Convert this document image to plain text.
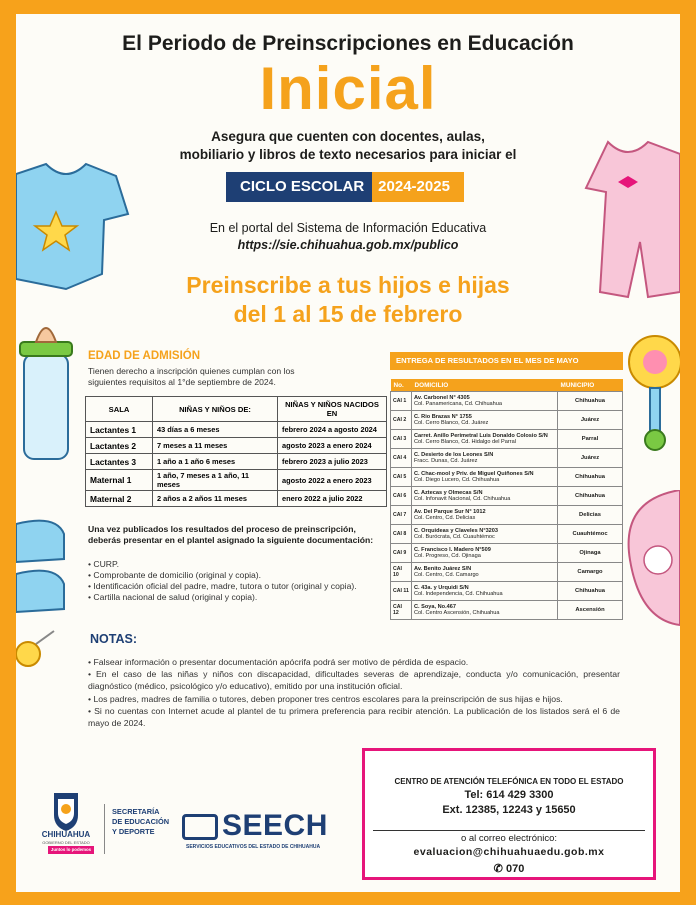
El Periodo de Preinscripciones en Educación
Inicial
Asegura que cuenten con docentes, aulas,
mobiliario y libros de texto necesarios para iniciar el
CICLO ESCOLAR 2024-2025
En el portal del Sistema de Información Educativa
https://sie.chihuahua.gob.mx/publico
Preinscribe a tus hijos e hijas
del 1 al 15 de febrero
EDAD DE ADMISIÓN
Tienen derecho a inscripción quienes cumplan con los siguientes requisitos al 1°de septiembre de 2024.
SALA	NIÑAS Y NIÑOS DE:	NIÑAS Y NIÑOS NACIDOS EN
Lactantes 1	43 días a 6 meses	febrero 2024 a agosto 2024
Lactantes 2	7 meses a 11 meses	agosto 2023 a enero 2024
Lactantes 3	1 año a 1 año 6 meses	febrero 2023 a julio 2023
Maternal 1	1 año, 7 meses a 1 año, 11 meses	agosto 2022 a enero 2023
Maternal 2	2 años a 2 años 11 meses	enero 2022 a julio 2022
Una vez publicados los resultados del proceso de preinscripción, deberás presentar en el plantel asignado la siguiente documentación:
• CURP.
• Comprobante de domicilio (original y copia).
• Identificación oficial del padre, madre, tutora o tutor (original y copia).
• Cartilla nacional de salud (original y copia).
ENTREGA DE RESULTADOS EN EL MES DE MAYO
No.	DOMICILIO	MUNICIPIO
CAI 1	Av. Carbonel N° 4305
Col. Panamericana, Cd. Chihuahua	Chihuahua
CAI 2	C. Rio Brazas N° 1755
Col. Cerro Blanco, Cd. Juárez	Juárez
CAI 3	Carret. Anillo Perimetral Luis Donaldo Colosio S/N
Col. Cerro Blanco, Cd. Hidalgo del Parral	Parral
CAI 4	C. Desierto de los Leones S/N
Fracc. Dunas, Cd. Juárez	Juárez
CAI 5	C. Chac-mool y Priv. de Miguel Quiñones S/N
Col. Diego Lucero, Cd. Chihuahua	Chihuahua
CAI 6	C. Aztecas y Olmecas S/N
Col. Infonavit Nacional, Cd. Chihuahua	Chihuahua
CAI 7	Av. Del Parque Sur N° 1012
Col. Centro, Cd. Delicias	Delicias
CAI 8	C. Orquideas y Claveles N°3203
Col. Burócrata, Cd. Cuauhtémoc	Cuauhtémoc
CAI 9	C. Francisco I. Madero N°509
Col. Progreso, Cd. Ojinaga	Ojinaga
CAI 10	Av. Benito Juárez S/N
Col. Centro, Cd. Camargo	Camargo
CAI 11	C. 43a. y Urquidi S/N
Col. Independencia, Cd. Chihuahua	Chihuahua
CAI 12	C. Soya, No.467
Col. Centro Ascensión, Chihuahua	Ascensión
NOTAS:
• Falsear información o presentar documentación apócrifa podrá ser motivo de pérdida de espacio.
• En el caso de las niñas y niños con discapacidad, dificultades severas de aprendizaje, conducta y/o comunicación, presentar diagnóstico (médico, psicológico y/o educativo), emitido por una institución oficial.
• Los padres, madres de familia o tutores, deben proponer tres centros escolares para la preinscripción de sus hijas e hijos.
• Si no cuentas con Internet acude al plantel de tu primera preferencia para recibir atención. La publicación de los listados será el 6 de mayo de 2024.
CENTRO DE ATENCIÓN TELEFÓNICA EN TODO EL ESTADO
Tel: 614 429 3300
Ext. 12385, 12243 y 15650
o al correo electrónico:
evaluacion@chihuahuaedu.gob.mx
✆ 070
CHIHUAHUA
GOBIERNO DEL ESTADO
Juntos lo podemos
SECRETARÍA
DE EDUCACIÓN
Y DEPORTE	SEECH
SERVICIOS EDUCATIVOS DEL ESTADO DE CHIHUAHUA
